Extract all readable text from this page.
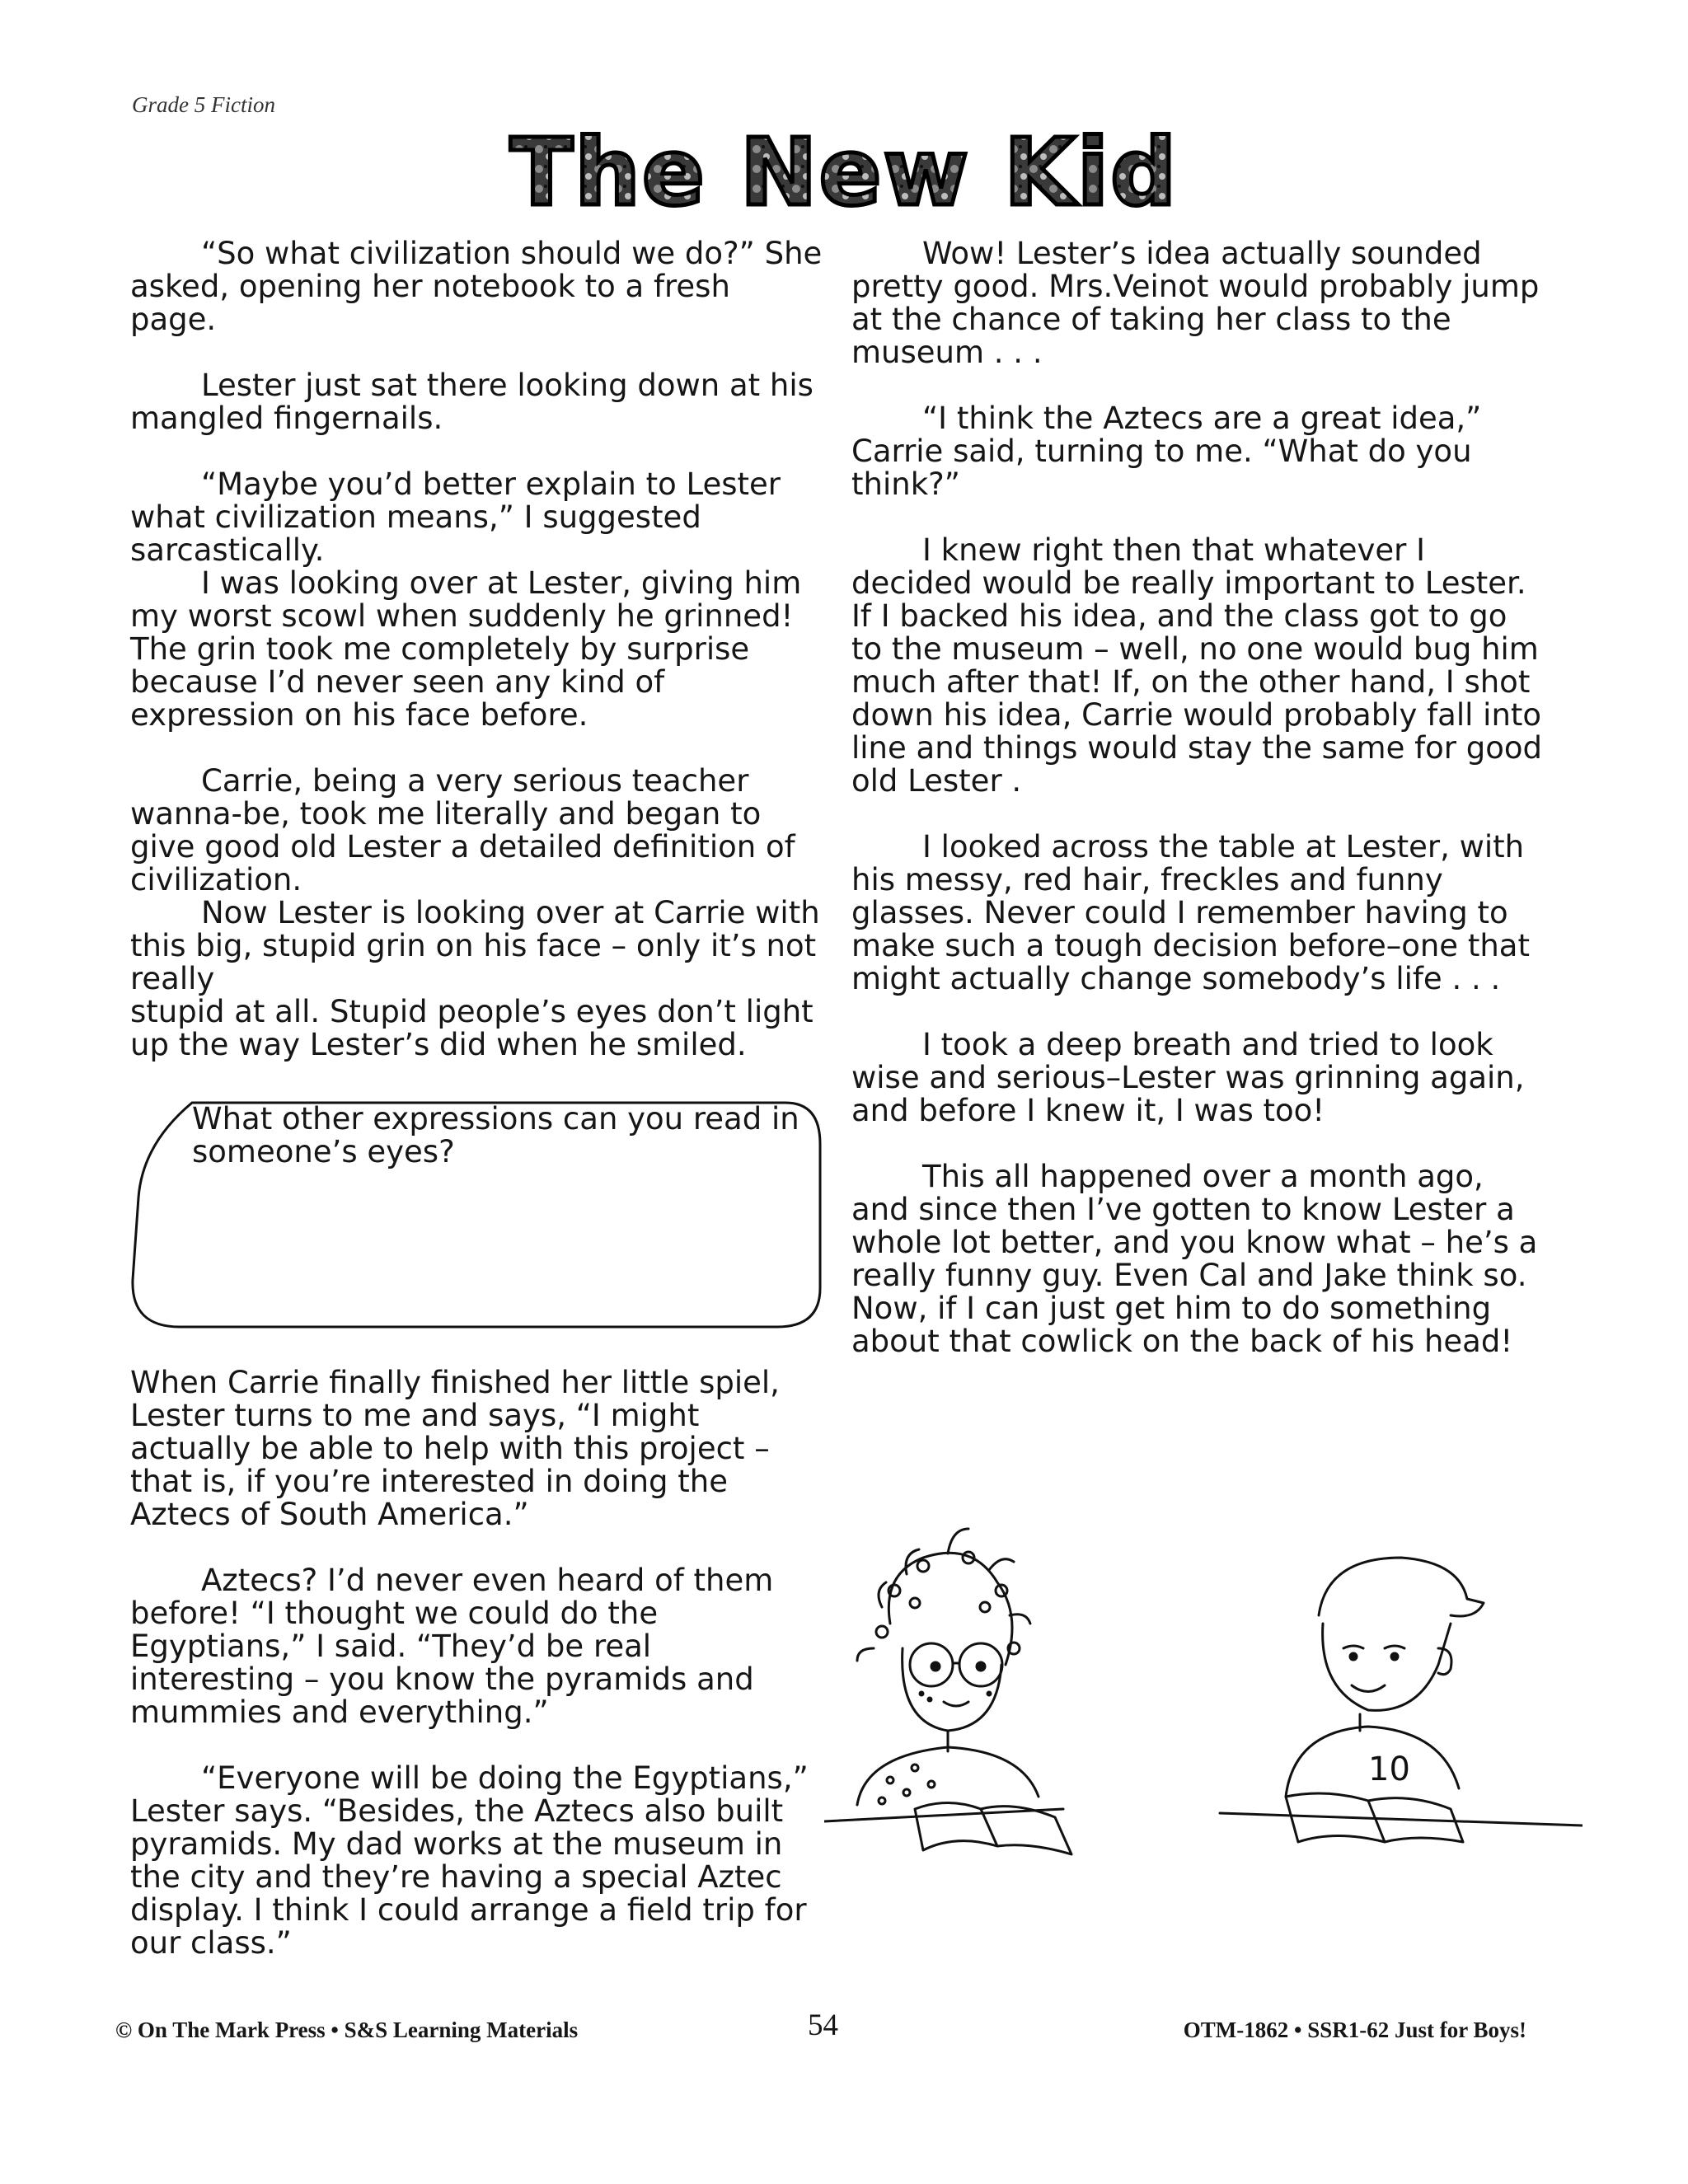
Grade 5 Fiction
The New Kid

“So what civilization should we do?” She asked, opening her notebook to a fresh page.

Lester just sat there looking down at his mangled fingernails.

“Maybe you’d better explain to Lester what civilization means,” I suggested sarcastically.

I was looking over at Lester, giving him my worst scowl when suddenly he grinned! The grin took me completely by surprise because I’d never seen any kind of expression on his face before.

Carrie, being a very serious teacher wanna-be, took me literally and began to give good old Lester a detailed definition of civilization.

Now Lester is looking over at Carrie with this big, stupid grin on his face – only it’s not really
stupid at all. Stupid people’s eyes don’t light up the way Lester’s did when he smiled.

What other expressions can you read in someone’s eyes?

When Carrie finally finished her little spiel, Lester turns to me and says, “I might actually be able to help with this project – that is, if you’re interested in doing the Aztecs of South America.”

Aztecs? I’d never even heard of them before! “I thought we could do the Egyptians,” I said. “They’d be real interesting – you know the pyramids and mummies and everything.”

“Everyone will be doing the Egyptians,” Lester says. “Besides, the Aztecs also built pyramids. My dad works at the museum in the city and they’re having a special Aztec display. I think I could arrange a field trip for our class.”

Wow! Lester’s idea actually sounded pretty good. Mrs.Veinot would probably jump at the chance of taking her class to the museum . . .

“I think the Aztecs are a great idea,” Carrie said, turning to me. “What do you think?”

I knew right then that whatever I decided would be really important to Lester. If I backed his idea, and the class got to go to the museum – well, no one would bug him much after that! If, on the other hand, I shot down his idea, Carrie would probably fall into line and things would stay the same for good old Lester .

I looked across the table at Lester, with his messy, red hair, freckles and funny glasses. Never could I remember having to make such a tough decision before–one that might actually change somebody’s life . . .

I took a deep breath and tried to look wise and serious–Lester was grinning again, and before I knew it, I was too!

This all happened over a month ago, and since then I’ve gotten to know Lester a whole lot better, and you know what – he’s a really funny guy. Even Cal and Jake think so. Now, if I can just get him to do something about that cowlick on the back of his head!

10
© On The Mark Press • S&S Learning Materials	54	OTM-1862 • SSR1-62 Just for Boys!
